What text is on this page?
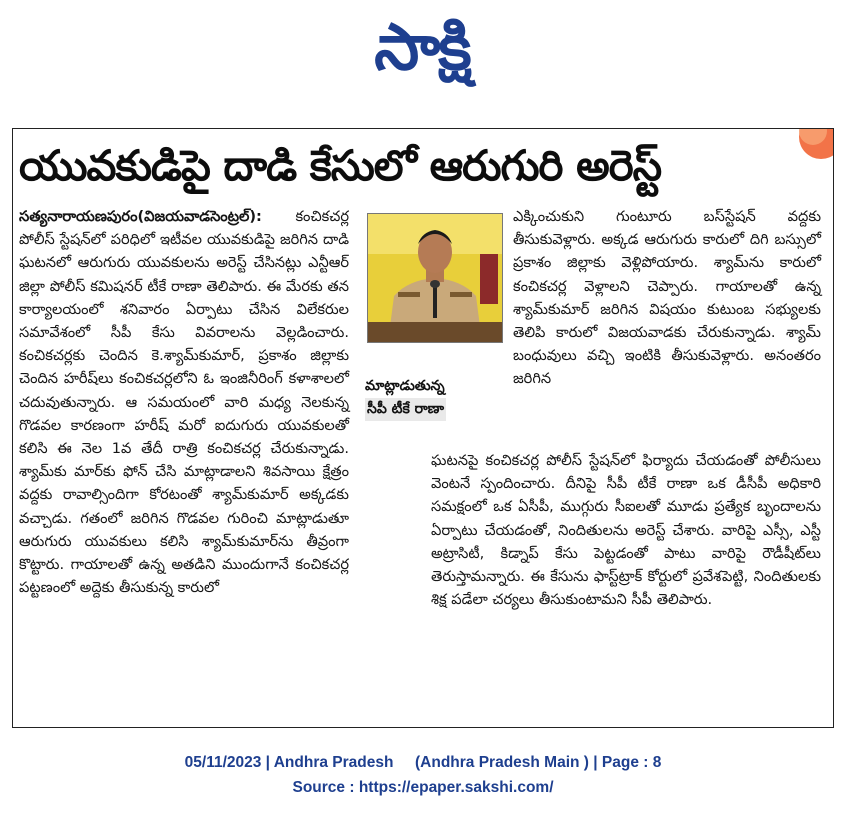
సాక్షి
యువకుడిపై దాడి కేసులో ఆరుగురి అరెస్ట్
సత్యనారాయణపురం(విజయవాడసెంట్రల్): కంచికచర్ల పోలీస్ స్టేషన్‌లో పరిధిలో ఇటీవల యువకుడిపై జరిగిన దాడి ఘటనలో ఆరుగురు యువకులను అరెస్ట్ చేసినట్లు ఎన్టీఆర్ జిల్లా పోలీస్ కమిషనర్ టీకే రాణా తెలిపారు. ఈ మేరకు తన కార్యాలయంలో శనివారం ఏర్పాటు చేసిన విలేకరుల సమావేశంలో సీపీ కేసు వివరాలను వెల్లడించారు. కంచికచర్లకు చెందిన కె.శ్యామ్‌కుమార్, ప్రకాశం జిల్లాకు చెందిన హరీష్‌లు కంచికచర్లలోని ఓ ఇంజినీరింగ్ కళాశాలలో చదువుతున్నారు. ఆ సమయంలో వారి మధ్య నెలకున్న గొడవల కారణంగా హరీష్ మరో ఐదుగురు యువకులతో కలిసి ఈ నెల 1వ తేదీ రాత్రి కంచికచర్ల చేరుకున్నాడు. శ్యామ్‌కు మార్‌కు ఫోన్ చేసి మాట్లాడాలని శివసాయి క్షేత్రం వద్దకు రావాల్సిందిగా కోరటంతో శ్యామ్‌కుమార్ అక్కడకు వచ్చాడు. గతంలో జరిగిన గొడవల గురించి మాట్లాడుతూ ఆరుగురు యువకులు కలిసి శ్యామ్‌కుమార్‌ను తీవ్రంగా కొట్టారు. గాయాలతో ఉన్న అతడిని ముందుగానే కంచికచర్ల పట్టణంలో అద్దెకు తీసుకున్న కారులో
మాట్లాడుతున్న
సీపీ టీకే రాణా
ఎక్కించుకుని గుంటూరు బస్‌స్టేషన్ వద్దకు తీసుకువెళ్లారు. అక్కడ ఆరుగురు కారులో దిగి బస్సులో ప్రకాశం జిల్లాకు వెళ్లిపోయారు. శ్యామ్‌ను కారులో కంచికచర్ల వెళ్లాలని చెప్పారు. గాయాలతో ఉన్న శ్యామ్‌కుమార్ జరిగిన విషయం కుటుంబ సభ్యులకు తెలిపి కారులో విజయవాడకు చేరుకున్నాడు. శ్యామ్ బంధువులు వచ్చి ఇంటికి తీసుకువెళ్లారు. అనంతరం జరిగిన
ఘటనపై కంచికచర్ల పోలీస్ స్టేషన్‌లో ఫిర్యాదు చేయడంతో పోలీసులు వెంటనే స్పందించారు. దీనిపై సీపీ టీకే రాణా ఒక డీసీపీ అధికారి సమక్షంలో ఒక ఏసీపీ, ముగ్గురు సీఐలతో మూడు ప్రత్యేక బృందాలను ఏర్పాటు చేయడంతో, నిందితులను అరెస్ట్ చేశారు. వారిపై ఎస్సీ, ఎస్టీ అట్రాసిటీ, కిడ్నాప్ కేసు పెట్టడంతో పాటు వారిపై రౌడీషీట్‌లు తెరుస్తామన్నారు. ఈ కేసును ఫాస్ట్‌ట్రాక్ కోర్టులో ప్రవేశపెట్టి, నిందితులకు శిక్ష పడేలా చర్యలు తీసుకుంటామని సీపీ తెలిపారు.
05/11/2023 | Andhra Pradesh     (Andhra Pradesh Main ) | Page : 8
Source : https://epaper.sakshi.com/
